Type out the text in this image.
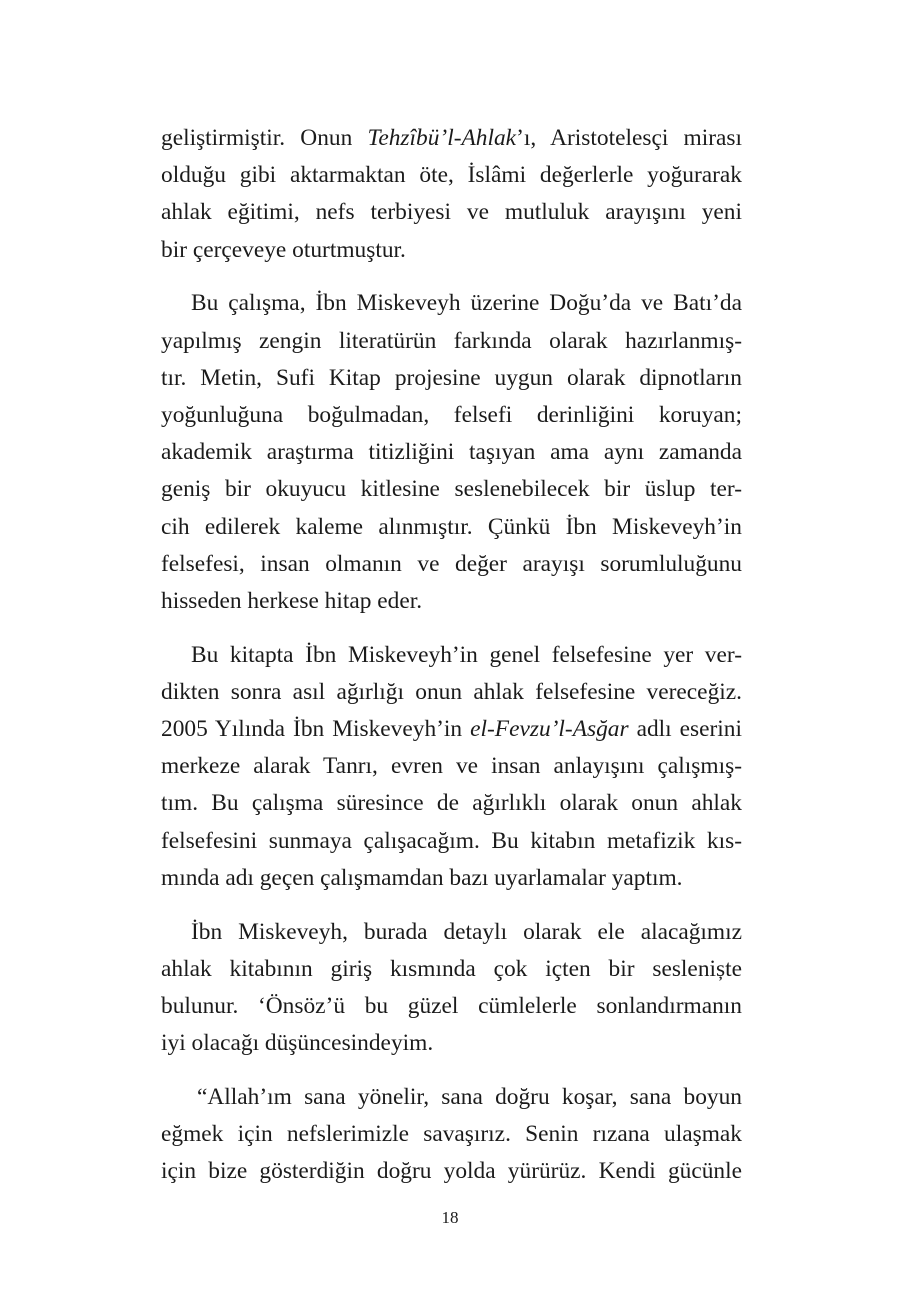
geliştirmiştir. Onun Tehzîbü’l-Ahlak’ı, Aristotelesçi mirası
olduğu gibi aktarmaktan öte, İslâmi değerlerle yoğurarak
ahlak eğitimi, nefs terbiyesi ve mutluluk arayışını yeni
bir çerçeveye oturtmuştur.

Bu çalışma, İbn Miskeveyh üzerine Doğu’da ve Batı’da
yapılmış zengin literatürün farkında olarak hazırlanmış-
tır. Metin, Sufi Kitap projesine uygun olarak dipnotların
yoğunluğuna boğulmadan, felsefi derinliğini koruyan;
akademik araştırma titizliğini taşıyan ama aynı zamanda
geniş bir okuyucu kitlesine seslenebilecek bir üslup ter-
cih edilerek kaleme alınmıştır. Çünkü İbn Miskeveyh’in
felsefesi, insan olmanın ve değer arayışı sorumluluğunu
hisseden herkese hitap eder.

Bu kitapta İbn Miskeveyh’in genel felsefesine yer ver-
dikten sonra asıl ağırlığı onun ahlak felsefesine vereceğiz.
2005 Yılında İbn Miskeveyh’in el-Fevzu’l-Asğar adlı eserini
merkeze alarak Tanrı, evren ve insan anlayışını çalışmış-
tım. Bu çalışma süresince de ağırlıklı olarak onun ahlak
felsefesini sunmaya çalışacağım. Bu kitabın metafizik kıs-
mında adı geçen çalışmamdan bazı uyarlamalar yaptım.

İbn Miskeveyh, burada detaylı olarak ele alacağımız
ahlak kitabının giriş kısmında çok içten bir sesleniște
bulunur. ‘Önsöz’ü bu güzel cümlelerle sonlandırmanın
iyi olacağı düşüncesindeyim.

“Allah’ım sana yönelir, sana doğru koşar, sana boyun
eğmek için nefslerimizle savaşırız. Senin rızana ulaşmak
için bize gösterdiğin doğru yolda yürürüz. Kendi gücünle

18
